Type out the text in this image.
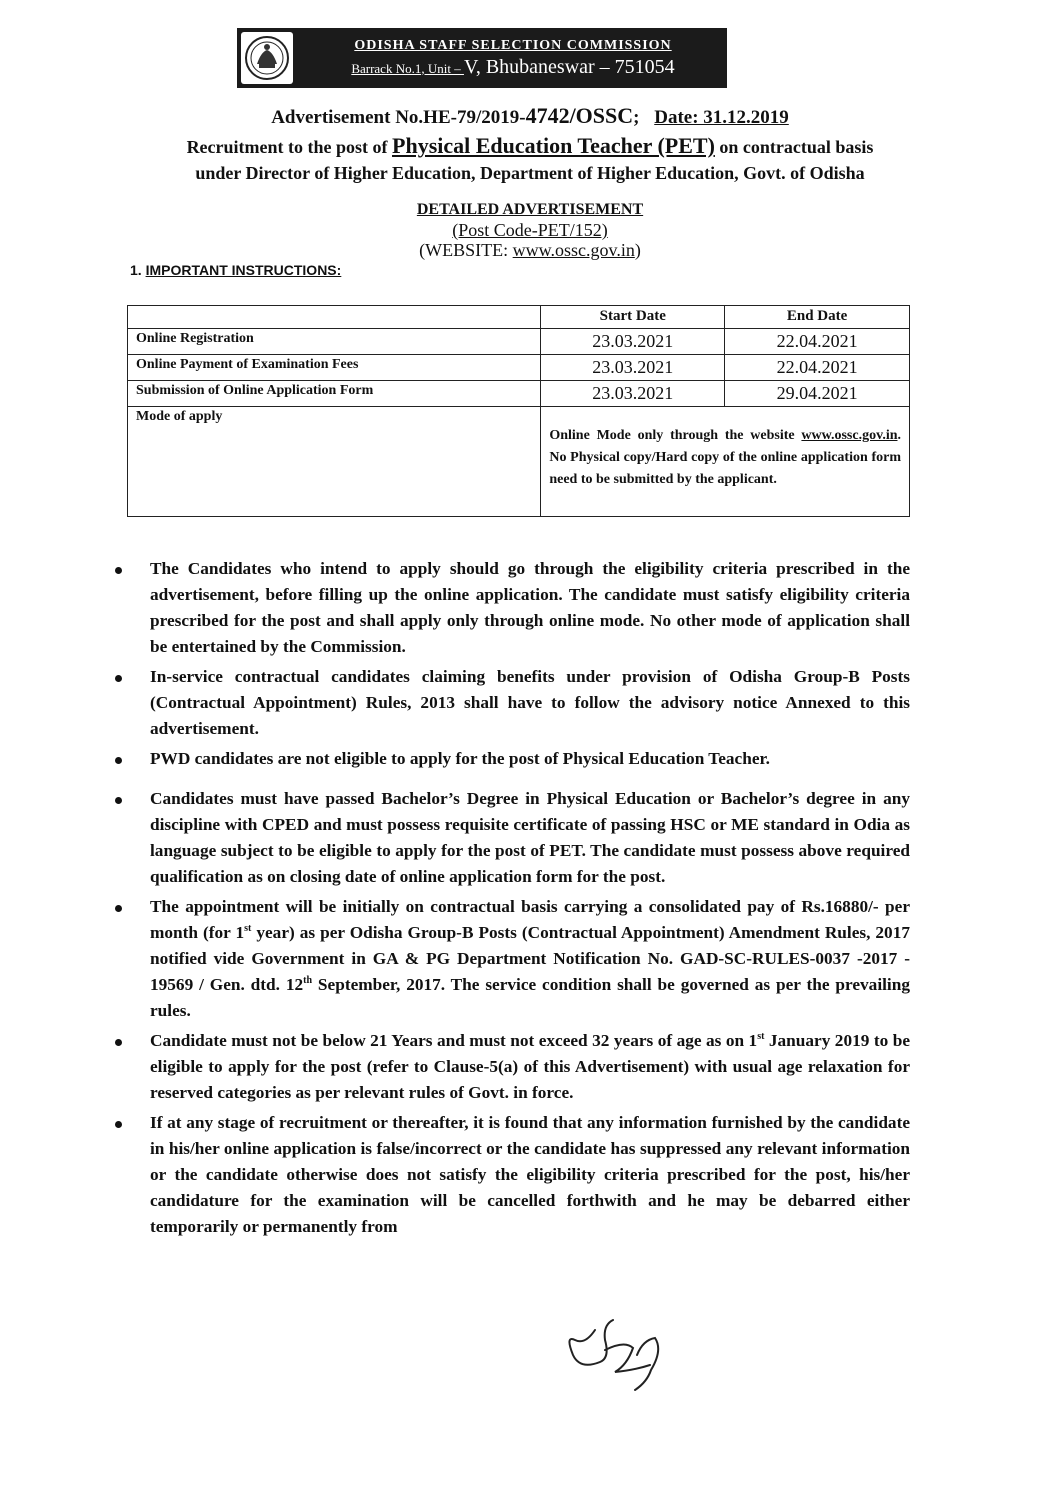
ODISHA STAFF SELECTION COMMISSION
Barrack No.1, Unit – V, Bhubaneswar – 751054
Advertisement No.HE-79/2019-4742/OSSC; Date: 31.12.2019
Recruitment to the post of Physical Education Teacher (PET) on contractual basis
under Director of Higher Education, Department of Higher Education, Govt. of Odisha
DETAILED ADVERTISEMENT
(Post Code-PET/152)
(WEBSITE: www.ossc.gov.in)
1. IMPORTANT INSTRUCTIONS:
	Start Date	End Date
Online Registration	23.03.2021	22.04.2021
Online Payment of Examination Fees	23.03.2021	22.04.2021
Submission of Online Application Form	23.03.2021	29.04.2021
Mode of apply	Online Mode only through the website www.ossc.gov.in. No Physical copy/Hard copy of the online application form need to be submitted by the applicant.	
The Candidates who intend to apply should go through the eligibility criteria prescribed in the advertisement, before filling up the online application. The candidate must satisfy eligibility criteria prescribed for the post and shall apply only through online mode. No other mode of application shall be entertained by the Commission.
In-service contractual candidates claiming benefits under provision of Odisha Group-B Posts (Contractual Appointment) Rules, 2013 shall have to follow the advisory notice Annexed to this advertisement.
PWD candidates are not eligible to apply for the post of Physical Education Teacher.
Candidates must have passed Bachelor’s Degree in Physical Education or Bachelor’s degree in any discipline with CPED and must possess requisite certificate of passing HSC or ME standard in Odia as language subject to be eligible to apply for the post of PET. The candidate must possess above required qualification as on closing date of online application form for the post.
The appointment will be initially on contractual basis carrying a consolidated pay of Rs.16880/- per month (for 1st year) as per Odisha Group-B Posts (Contractual Appointment) Amendment Rules, 2017 notified vide Government in GA & PG Department Notification No. GAD-SC-RULES-0037 -2017 - 19569 / Gen. dtd. 12th September, 2017. The service condition shall be governed as per the prevailing rules.
Candidate must not be below 21 Years and must not exceed 32 years of age as on 1st January 2019 to be eligible to apply for the post (refer to Clause-5(a) of this Advertisement) with usual age relaxation for reserved categories as per relevant rules of Govt. in force.
If at any stage of recruitment or thereafter, it is found that any information furnished by the candidate in his/her online application is false/incorrect or the candidate has suppressed any relevant information or the candidate otherwise does not satisfy the eligibility criteria prescribed for the post, his/her candidature for the examination will be cancelled forthwith and he may be debarred either temporarily or permanently from
